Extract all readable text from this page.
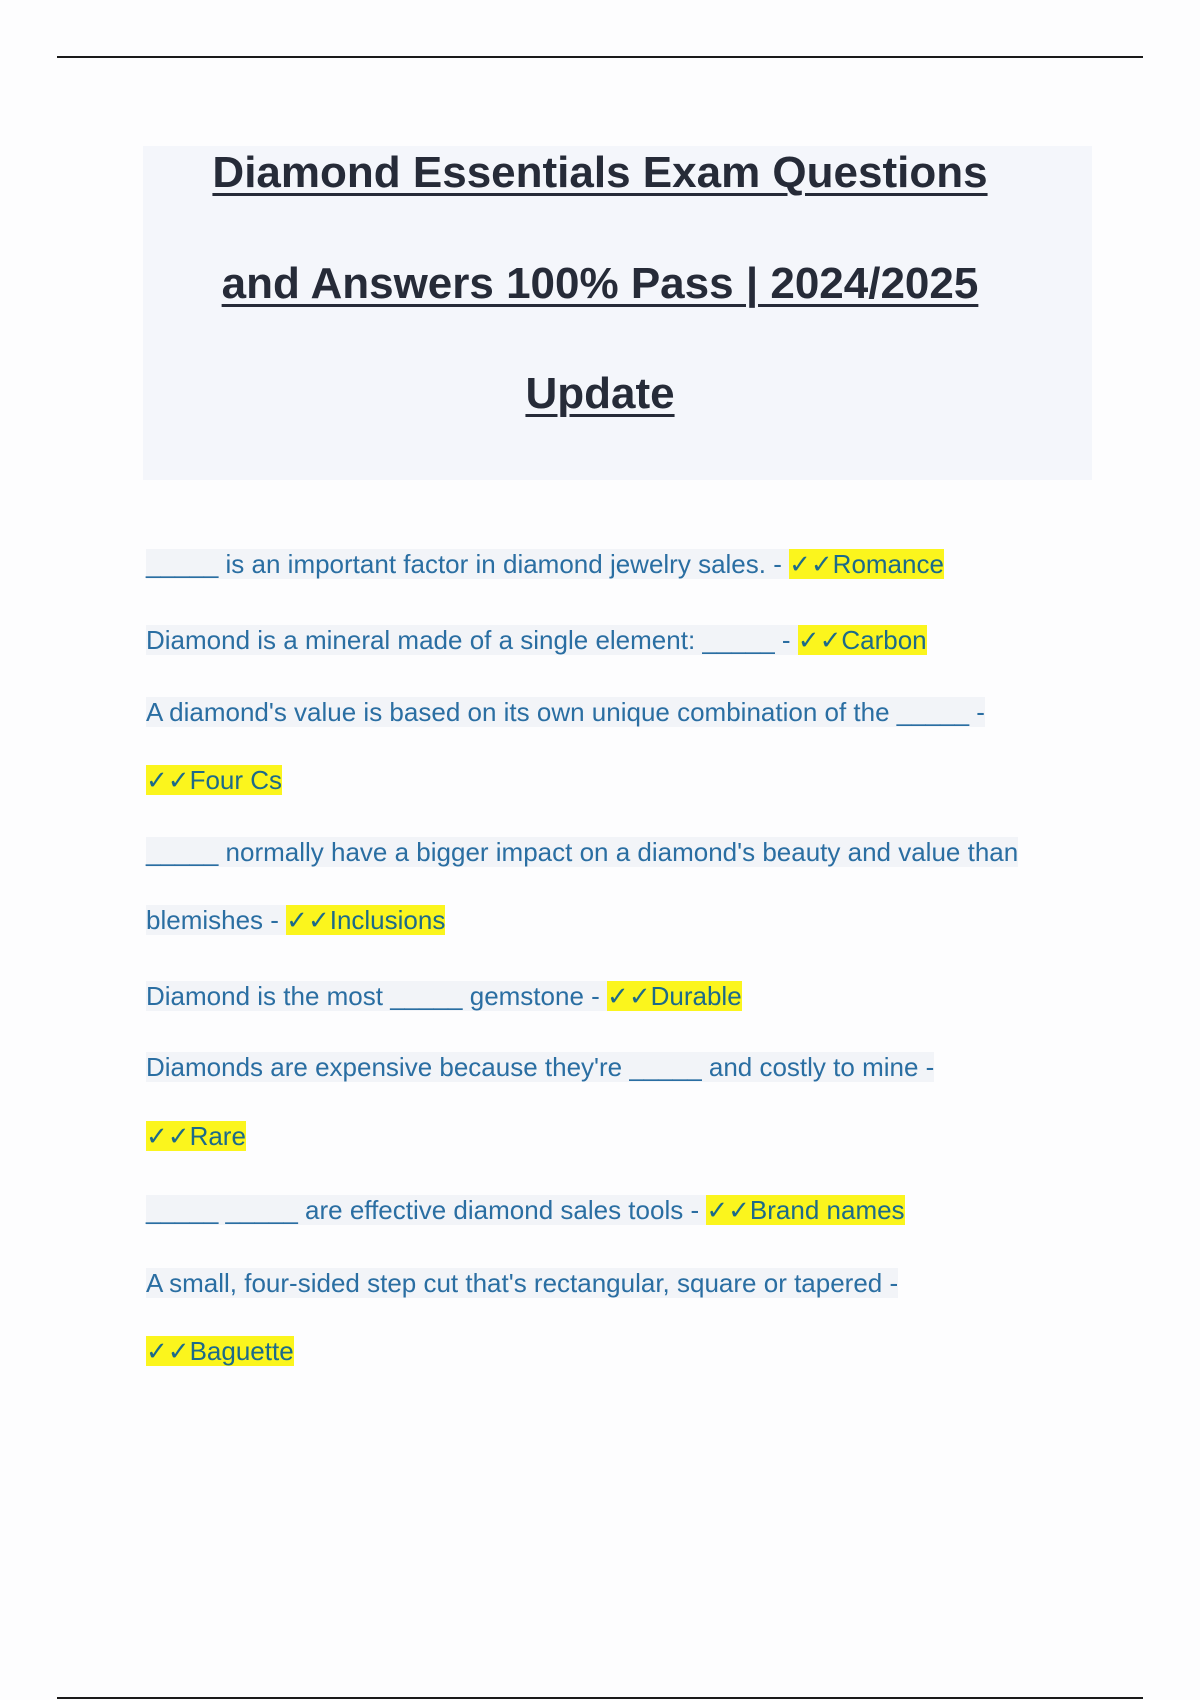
Diamond Essentials Exam Questions
and Answers 100% Pass | 2024/2025
Update
_____ is an important factor in diamond jewelry sales. - ✓✓Romance
Diamond is a mineral made of a single element: _____ - ✓✓Carbon
A diamond's value is based on its own unique combination of the _____ -
✓✓Four Cs
_____ normally have a bigger impact on a diamond's beauty and value than
blemishes - ✓✓Inclusions
Diamond is the most _____ gemstone - ✓✓Durable
Diamonds are expensive because they're _____ and costly to mine -
✓✓Rare
_____ _____ are effective diamond sales tools - ✓✓Brand names
A small, four-sided step cut that's rectangular, square or tapered -
✓✓Baguette
